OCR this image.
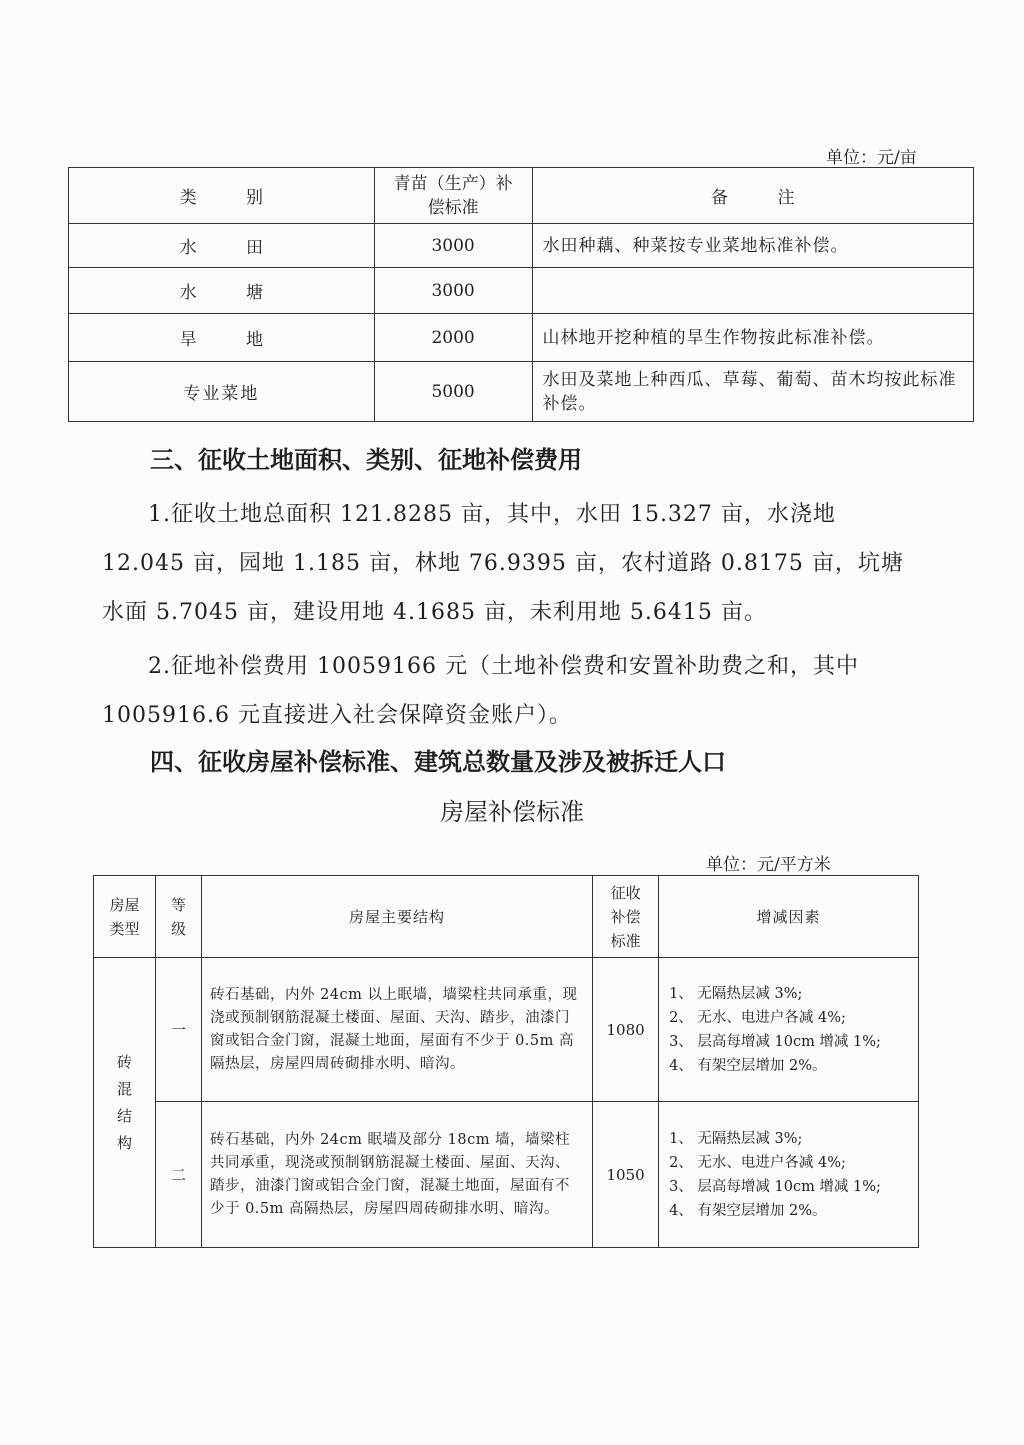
单位：元/亩
类 别	青苗（生产）补偿标准	备 注
水 田	3000	水田种藕、种菜按专业菜地标准补偿。
水 塘	3000	
旱 地	2000	山林地开挖种植的旱生作物按此标准补偿。
专业菜地	5000	水田及菜地上种西瓜、草莓、葡萄、苗木均按此标准补偿。
三、征收土地面积、类别、征地补偿费用
1.征收土地总面积 121.8285 亩，其中，水田 15.327 亩，水浇地 12.045 亩，园地 1.185 亩，林地 76.9395 亩，农村道路 0.8175 亩，坑塘水面 5.7045 亩，建设用地 4.1685 亩，未利用地 5.6415 亩。
2.征地补偿费用 10059166 元（土地补偿费和安置补助费之和，其中 1005916.6 元直接进入社会保障资金账户）。
四、征收房屋补偿标准、建筑总数量及涉及被拆迁人口
房屋补偿标准
单位：元/平方米
房屋类型	等级	房屋主要结构	征收补偿标准	增减因素
砖混结构	一	砖石基础，内外 24cm 以上眠墙，墙梁柱共同承重，现浇或预制钢筋混凝土楼面、屋面、天沟、踏步，油漆门窗或铝合金门窗，混凝土地面，屋面有不少于 0.5m 高隔热层，房屋四周砖砌排水明、暗沟。	1080	1、 无隔热层减 3%;
2、 无水、电进户各减 4%;
3、 层高每增减 10cm 增减 1%;
4、 有架空层增加 2%。

	二	砖石基础，内外 24cm 眠墙及部分 18cm 墙，墙梁柱共同承重，现浇或预制钢筋混凝土楼面、屋面、天沟、踏步，油漆门窗或铝合金门窗，混凝土地面，屋面有不少于 0.5m 高隔热层，房屋四周砖砌排水明、暗沟。	1050	1、 无隔热层减 3%;
2、 无水、电进户各减 4%;
3、 层高每增减 10cm 增减 1%;
4、 有架空层增加 2%。
